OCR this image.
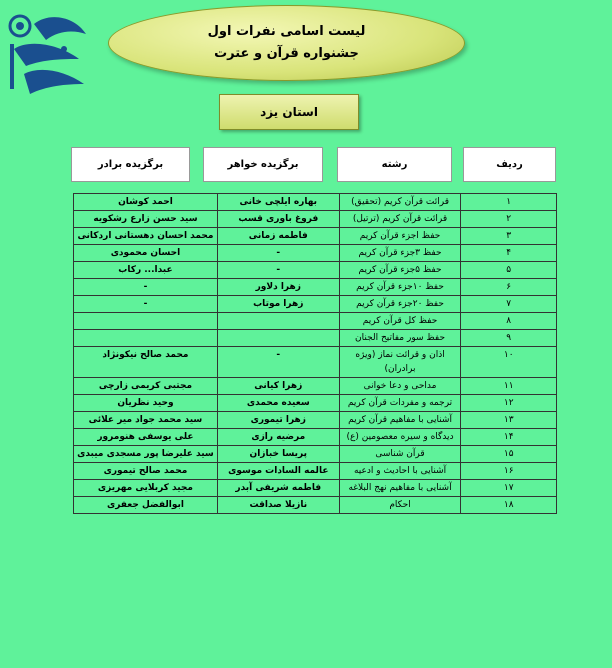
لیست اسامی نفرات اول
جشنواره قرآن و عترت
استان یزد
ردیف
رشته
برگزیده خواهر
برگزیده برادر
۱	قرائت قرآن کریم (تحقیق)	بهاره ایلچی خانی	احمد کوشان
۲	قرائت قرآن کریم (ترتیل)	فروغ باوری قسب	سید حسن زارع رشکویه
۳	حفظ اجزء قرآن کریم	فاطمه زمانی	محمد احسان دهستانی اردکانی
۴	حفظ ۳جزء قرآن کریم	-	احسان محمودی
۵	حفظ ۵جزء قرآن کریم	-	عبدا... رکاب
۶	حفظ ۱۰جزء قرآن کریم	زهرا دلاور	-
۷	حفظ ۲۰جزء قرآن کریم	زهرا موتاب	-
۸	حفظ کل قرآن کریم		
۹	حفظ سور مفاتیح الجنان		
۱۰	اذان و قرائت نماز (ویژه برادران)	-	محمد صالح نیکونژاد
۱۱	مداحی و دعا خوانی	زهرا کیانی	مجتبی کریمی زارچی
۱۲	ترجمه و مفردات قرآن کریم	سعیده محمدی	وحید نظریان
۱۳	آشنایی با مفاهیم قرآن کریم	زهرا تیموری	سید محمد جواد میر علائی
۱۴	دیدگاه و سیره معصومین (ع)	مرضیه رازی	علی یوسفی هنومرور
۱۵	قرآن شناسی	پریسا خبازان	سید علیرضا پور مسجدی میبدی
۱۶	آشنایی با احادیث و ادعیه	عالمه السادات موسوی	محمد صالح تیموری
۱۷	آشنایی با مفاهیم نهج البلاغه	فاطمه شریفی آبدر	مجید کربلایی مهریزی
۱۸	احکام	نازیلا صداقت	ابوالفضل جعفری
